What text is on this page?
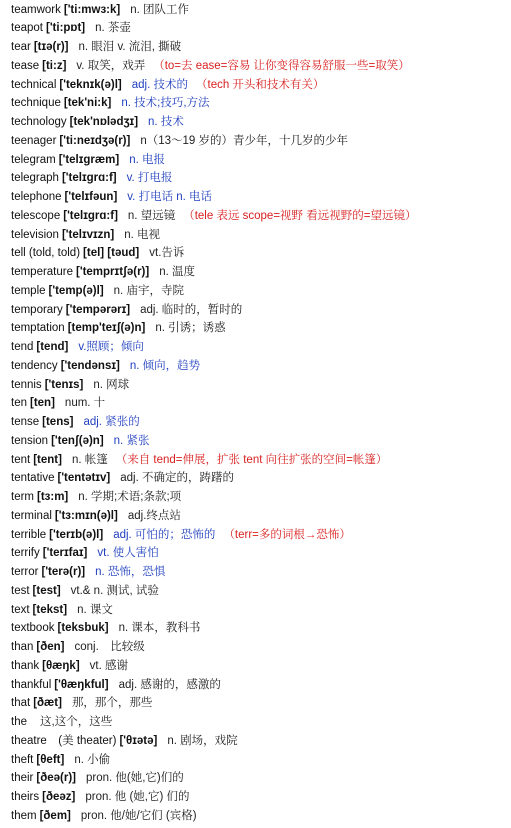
teamwork ['ti:mwɜ:k] n. 团队工作
teapot ['ti:pɒt] n. 茶壶
tear [tɪə(r)] n. 眼泪 v. 流泪, 撕破
tease [ti:z] v. 取笑，戏弄 （to=去 ease=容易 让你变得容易舒服一些=取笑）
technical ['teknɪk(ə)l] adj. 技术的 （tech 开头和技术有关）
technique [tek'ni:k] n. 技术;技巧,方法
technology [tek'nɒlədʒɪ] n. 技术
teenager ['ti:neɪdʒə(r)] n（13～19 岁的）青少年，十几岁的少年
telegram ['telɪgræm] n. 电报
telegraph ['telɪgrɑ:f] v. 打电报
telephone ['telɪfəun] v. 打电话 n. 电话
telescope ['telɪgrɑ:f] n. 望远镜 （tele 表远 scope=视野 看远视野的=望远镜）
television ['telɪvɪzn] n. 电视
tell (told, told) [tel] [təud] vt.告诉
temperature ['temprɪtʃə(r)] n. 温度
temple ['temp(ə)l] n. 庙宇，寺院
temporary ['tempərərɪ] adj. 临时的，暂时的
temptation [temp'teɪʃ(ə)n] n. 引诱；诱惑
tend [tend] v.照顾；倾向
tendency ['tendənsɪ] n. 倾向，趋势
tennis ['tenɪs] n. 网球
ten [ten] num. 十
tense [tens] adj. 紧张的
tension ['tenʃ(ə)n] n. 紧张
tent [tent] n. 帐篷 （来自 tend=伸展，扩张 tent 向往扩张的空间=帐篷）
tentative ['tentətɪv] adj. 不确定的，踌躇的
term [tɜ:m] n. 学期;术语;条款;项
terminal ['tɜ:mɪn(ə)l] adj.终点站
terrible ['terɪb(ə)l] adj. 可怕的；恐怖的 （terr=多的词根→恐怖）
terrify ['terɪfaɪ] vt. 使人害怕
terror ['terə(r)] n. 恐怖，恐惧
test [test] vt.& n. 测试, 试验
text [tekst] n. 课文
textbook [teksbuk] n. 课本，教科书
than [ðen] conj.　比较级
thank [θæŋk] vt. 感谢
thankful ['θæŋkful] adj. 感谢的，感激的
that [ðæt] 那，那个，那些
the 这,这个，这些
theatre　(美 theater) ['θɪətə] n. 剧场，戏院
theft [θeft] n. 小偷
their [ðeə(r)] pron. 他(她,它)们的
theirs [ðeəz] pron. 他 (她,它) 们的
them [ðem] pron. 他/她/它们 (宾格)
